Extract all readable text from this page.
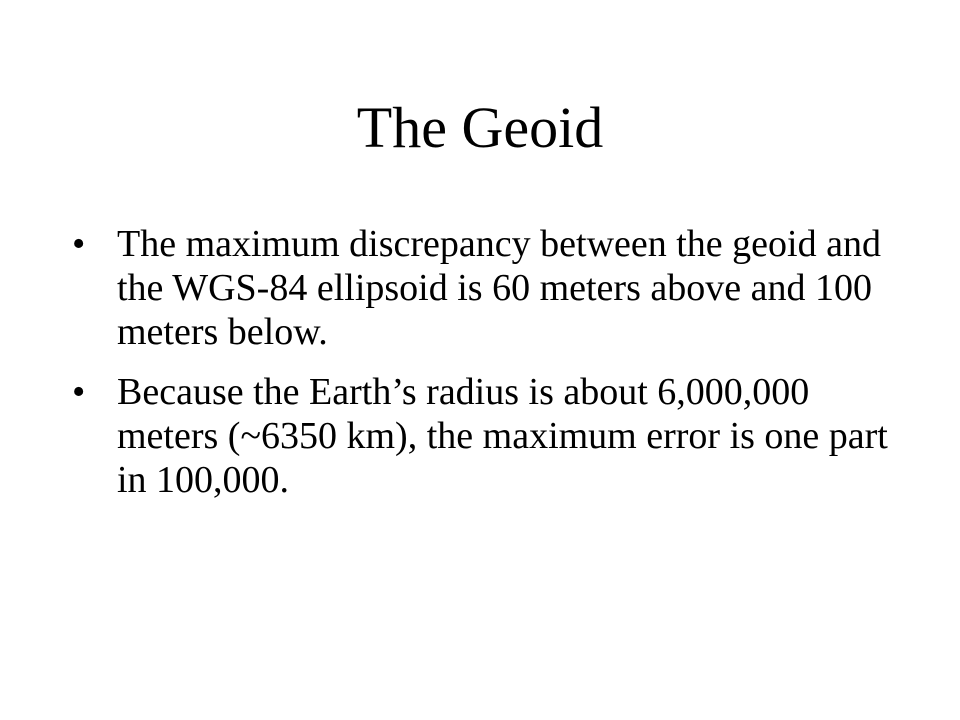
The Geoid
• The maximum discrepancy between the geoid and the WGS-84 ellipsoid is 60 meters above and 100 meters below.
• Because the Earth’s radius is about 6,000,000 meters (~6350 km), the maximum error is one part in 100,000.
